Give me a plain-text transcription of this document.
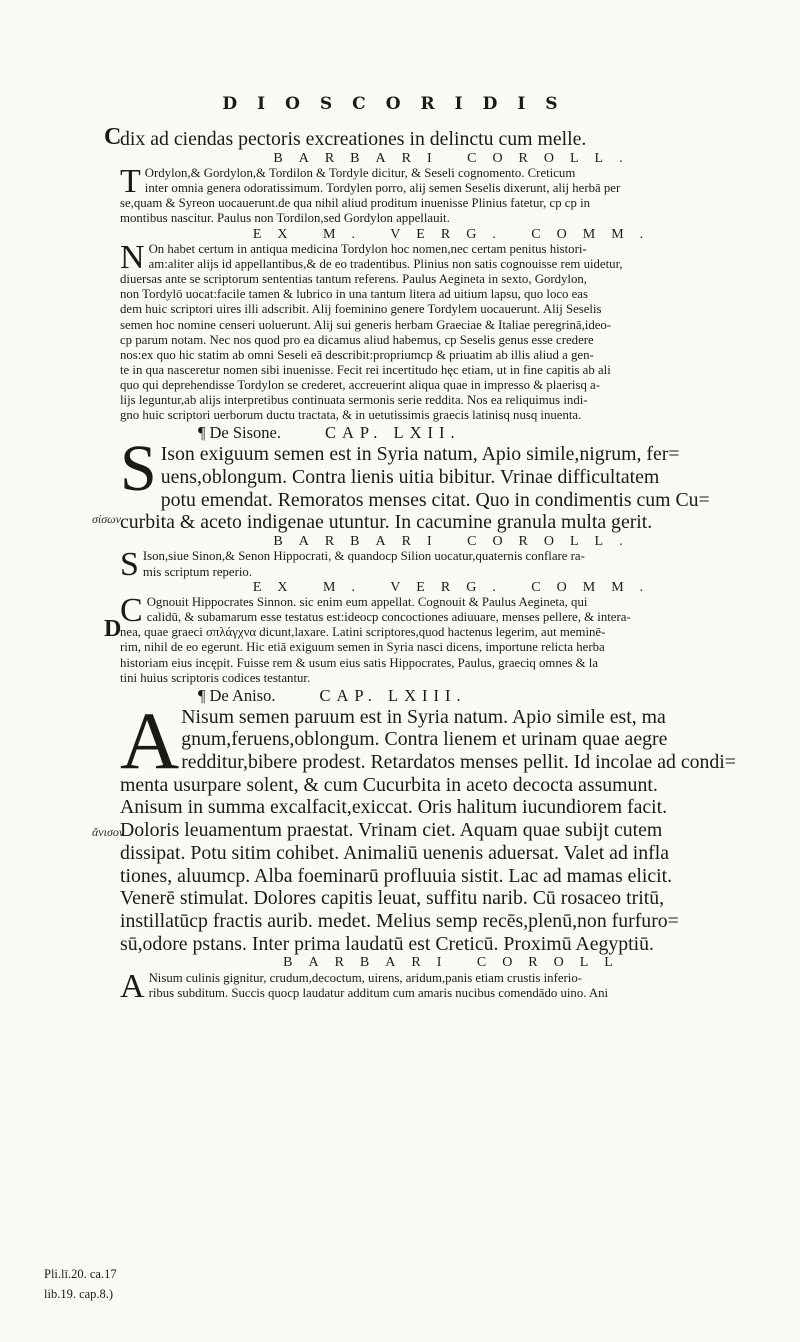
DIOSCORIDIS
C
D
σίσων
ἄνισον
Pli.lī.20. ca.17
lib.19. cap.8.)
dix ad ciendas pectoris excreationes in delinctu cum melle.
BARBARI COROLL.
T Ordylon,& Gordylon,& Tordilon & Tordyle dicitur, & Seseli cognomento. Creticum
inter omnia genera odoratissimum. Tordylen porro, alij semen Seselis dixerunt, alij herbā per
se,quam & Syreon uocauerunt.de qua nihil aliud proditum inuenisse Plinius fatetur, cp cp in
montibus nascitur. Paulus non Tordilon,sed Gordylon appellauit.
EX M. VERG. COMM.
N On habet certum in antiqua medicina Tordylon hoc nomen,nec certam penitus histori-
am:aliter alijs id appellantibus,& de eo tradentibus. Plinius non satis cognouisse rem uidetur,
diuersas ante se scriptorum sententias tantum referens. Paulus Aegineta in sexto, Gordylon,
non Tordylō uocat:facile tamen & lubrico in una tantum litera ad uitium lapsu, quo loco eas
dem huic scriptori uires illi adscribit. Alij foeminino genere Tordylem uocauerunt. Alij Seselis
semen hoc nomine censeri uoluerunt. Alij sui generis herbam Graeciae & Italiae peregrinā,ideo-
cp parum notam. Nec nos quod pro ea dicamus aliud habemus, cp Seselis genus esse credere
nos:ex quo hic statim ab omni Seseli eā describit:propriumcp & priuatim ab illis aliud a gen-
te in qua nasceretur nomen sibi inuenisse. Fecit rei incertitudo hęc etiam, ut in fine capitis ab ali
quo qui deprehendisse Tordylon se crederet, accreuerint aliqua quae in impresso & plaerisq a-
lijs leguntur,ab alijs interpretibus continuata sermonis serie reddita. Nos ea reliquimus indi-
gno huic scriptori uerborum ductu tractata, & in uetutissimis graecis latinisq nusq inuenta.
¶ De Sisone.	CAP. LXII.
S Ison exiguum semen est in Syria natum, Apio simile,nigrum, fer=
uens,oblongum. Contra lienis uitia bibitur. Vrinae difficultatem
potu emendat. Remoratos menses citat. Quo in condimentis cum Cu=
curbita & aceto indigenae utuntur. In cacumine granula multa gerit.
BARBARI COROLL.
S Ison,siue Sinon,& Senon Hippocrati, & quandocp Silion uocatur,quaternis conflare ra-
mis scriptum reperio.
EX M. VERG. COMM.
C Ognouit Hippocrates Sinnon. sic enim eum appellat. Cognouit & Paulus Aegineta, qui
calidū, & subamarum esse testatus est:ideocp concoctiones adiuuare, menses pellere, & intera-
nea, quae graeci σπλάγχνα dicunt,laxare. Latini scriptores,quod hactenus legerim, aut meminē-
rim, nihil de eo egerunt. Hic etiā exiguum semen in Syria nasci dicens, importune relicta herba
historiam eius incępit. Fuisse rem & usum eius satis Hippocrates, Paulus, graeciq omnes & la
tini huius scriptoris codices testantur.
¶ De Aniso.	CAP. LXIII.
A Nisum semen paruum est in Syria natum. Apio simile est, ma
gnum,feruens,oblongum. Contra lienem et urinam quae aegre
redditur,bibere prodest. Retardatos menses pellit. Id incolae ad condi=
menta usurpare solent, & cum Cucurbita in aceto decocta assumunt.
Anisum in summa excalfacit,exiccat. Oris halitum iucundiorem facit.
Doloris leuamentum praestat. Vrinam ciet. Aquam quae subijt cutem
dissipat. Potu sitim cohibet. Animaliū uenenis aduersat. Valet ad infla
tiones, aluumcp. Alba foeminarū profluuia sistit. Lac ad mamas elicit.
Venerē stimulat. Dolores capitis leuat, suffitu narib. Cū rosaceo tritū,
instillatūcp fractis aurib. medet. Melius semp recēs,plenū,non furfuro=
sū,odore pstans. Inter prima laudatū est Creticū. Proximū Aegyptiū.
BARBARI COROLL
A Nisum culinis gignitur, crudum,decoctum, uirens, aridum,panis etiam crustis inferio-
ribus subditum. Succis quocp laudatur additum cum amaris nucibus comendādo uino. Ani
